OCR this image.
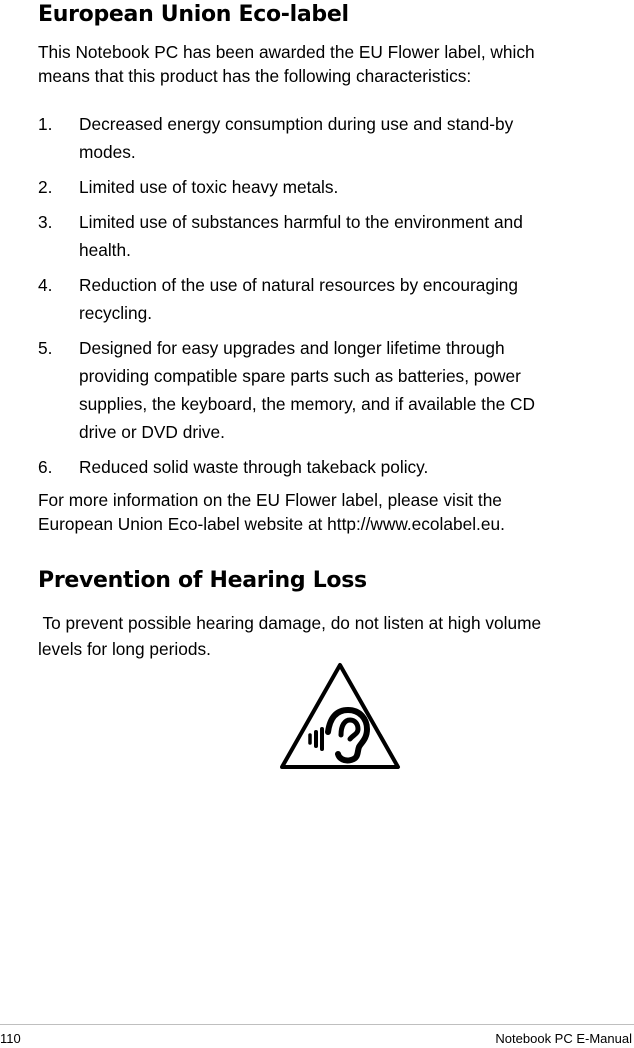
European Union Eco-label

This Notebook PC has been awarded the EU Flower label, which
means that this product has the following characteristics:

1. Decreased energy consumption during use and stand-by
modes.
2. Limited use of toxic heavy metals.
3. Limited use of substances harmful to the environment and
health.
4. Reduction of the use of natural resources by encouraging
recycling.
5. Designed for easy upgrades and longer lifetime through
providing compatible spare parts such as batteries, power
supplies, the keyboard, the memory, and if available the CD
drive or DVD drive.
6. Reduced solid waste through takeback policy.

For more information on the EU Flower label, please visit the
European Union Eco-label website at http://www.ecolabel.eu.

Prevention of Hearing Loss

To prevent possible hearing damage, do not listen at high volume
levels for long periods.

110	Notebook PC E-Manual
